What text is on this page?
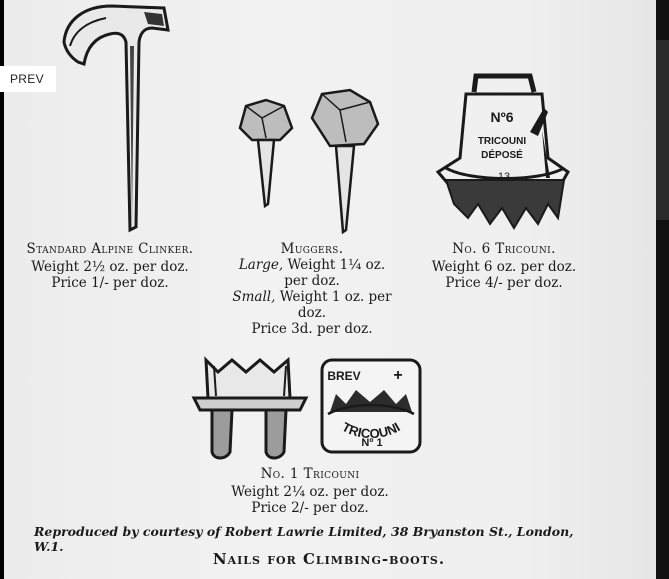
Nº6
TRICOUNI
DÉPOSÉ
13
Standard Alpine Clinker.
Weight 2½ oz. per doz.
Price 1/- per doz.
Muggers.
Large, Weight 1¼ oz. per doz.
Small, Weight 1 oz. per doz.
Price 3d. per doz.
No. 6 Tricouni.
Weight 6 oz. per doz.
Price 4/- per doz.
BREV +
TRICOUNI
Nº 1
No. 1 Tricouni
Weight 2¼ oz. per doz.
Price 2/- per doz.
Reproduced by courtesy of Robert Lawrie Limited, 38 Bryanston St., London, W.1.
Nails for Climbing-boots.
PREV
